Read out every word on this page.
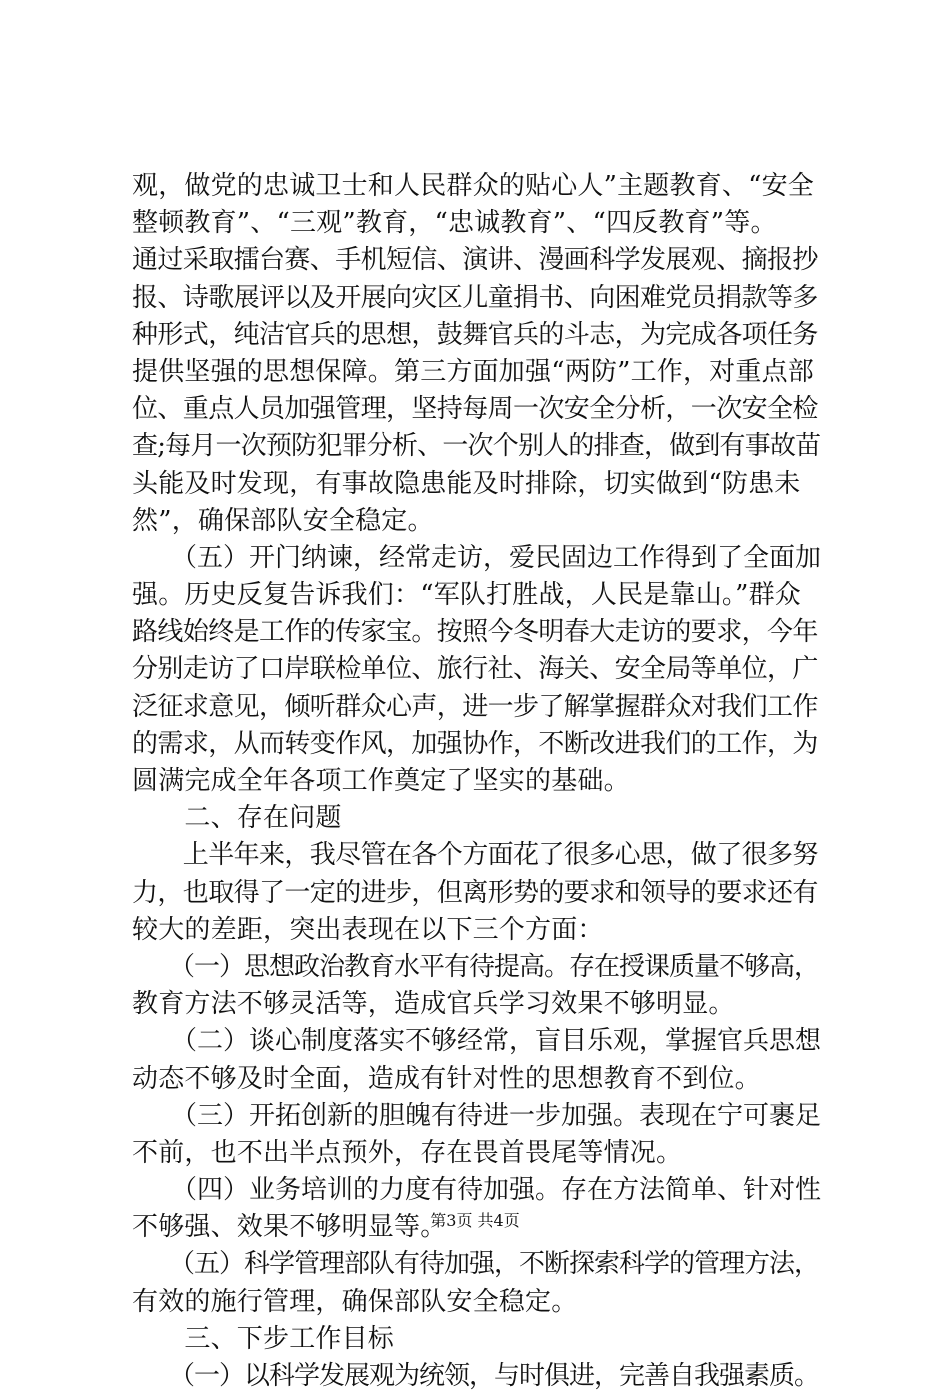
观，做党的忠诚卫士和人民群众的贴心人”主题教育、“安全
整顿教育”、“三观”教育，“忠诚教育”、“四反教育”等。
通过采取擂台赛、手机短信、演讲、漫画科学发展观、摘报抄
报、诗歌展评以及开展向灾区儿童捐书、向困难党员捐款等多
种形式，纯洁官兵的思想，鼓舞官兵的斗志，为完成各项任务
提供坚强的思想保障。第三方面加强“两防”工作，对重点部
位、重点人员加强管理，坚持每周一次安全分析，一次安全检
查;每月一次预防犯罪分析、一次个别人的排查，做到有事故苗
头能及时发现，有事故隐患能及时排除，切实做到“防患未
然”，确保部队安全稳定。
　　（五）开门纳谏，经常走访，爱民固边工作得到了全面加
强。历史反复告诉我们：“军队打胜战，人民是靠山。”群众
路线始终是工作的传家宝。按照今冬明春大走访的要求，今年
分别走访了口岸联检单位、旅行社、海关、安全局等单位，广
泛征求意见，倾听群众心声，进一步了解掌握群众对我们工作
的需求，从而转变作风，加强协作，不断改进我们的工作，为
圆满完成全年各项工作奠定了坚实的基础。
　　二、存在问题
　　上半年来，我尽管在各个方面花了很多心思，做了很多努
力，也取得了一定的进步，但离形势的要求和领导的要求还有
较大的差距，突出表现在以下三个方面：
　　（一）思想政治教育水平有待提高。存在授课质量不够高，
教育方法不够灵活等，造成官兵学习效果不够明显。
　　（二）谈心制度落实不够经常，盲目乐观，掌握官兵思想
动态不够及时全面，造成有针对性的思想教育不到位。
　　（三）开拓创新的胆魄有待进一步加强。表现在宁可裹足
不前，也不出半点预外，存在畏首畏尾等情况。
　　（四）业务培训的力度有待加强。存在方法简单、针对性
不够强、效果不够明显等。
　　（五）科学管理部队有待加强，不断探索科学的管理方法，
有效的施行管理，确保部队安全稳定。
　　三、下步工作目标
　　（一）以科学发展观为统领，与时俱进，完善自我强素质。
第3页 共4页
